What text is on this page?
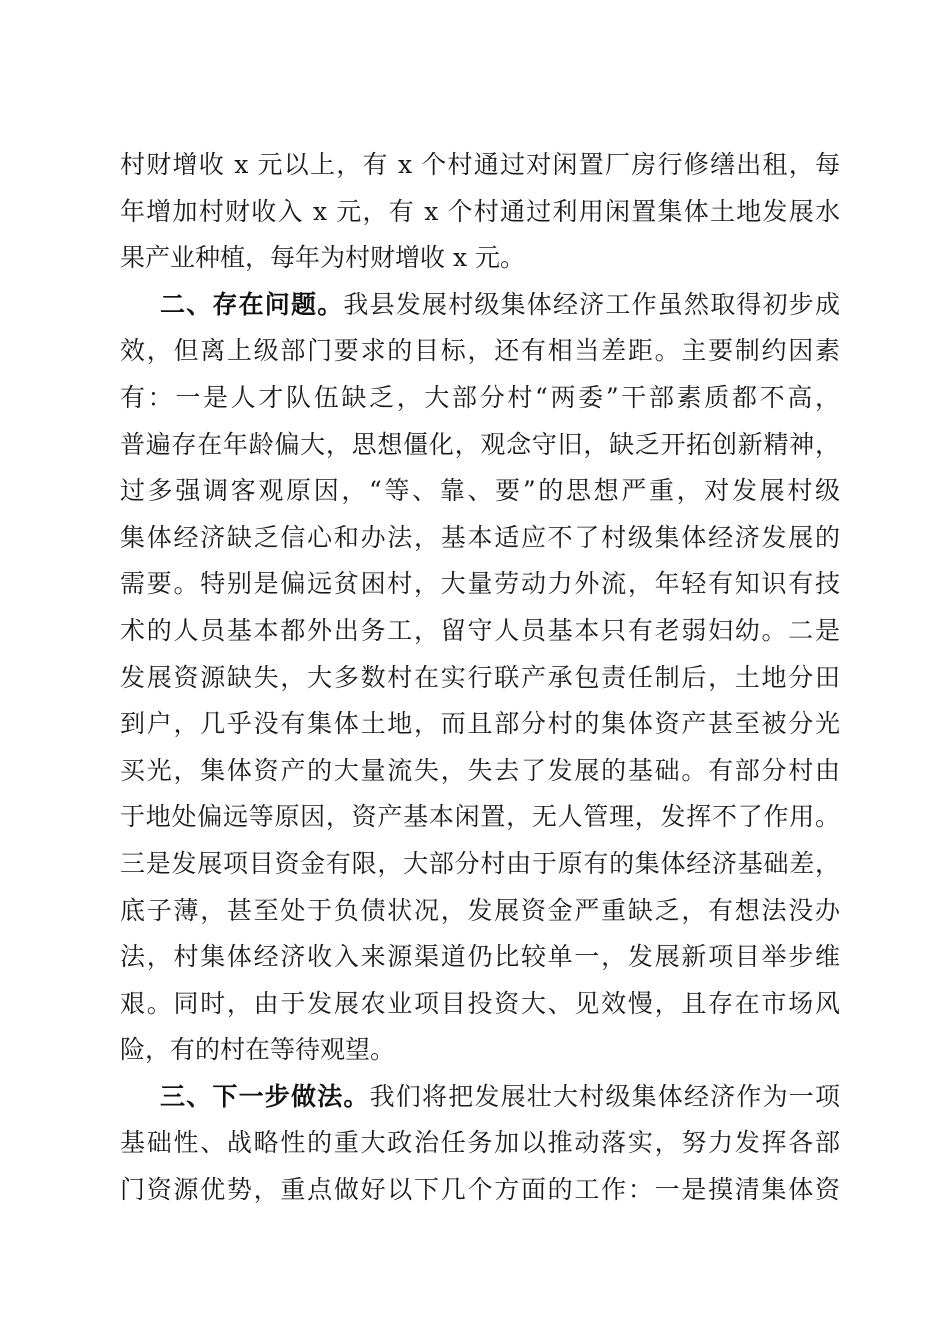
村财增收 x 元以上，有 x 个村通过对闲置厂房行修缮出租，每
年增加村财收入 x 元，有 x 个村通过利用闲置集体土地发展水
果产业种植，每年为村财增收 x 元。
二、存在问题。我县发展村级集体经济工作虽然取得初步成
效，但离上级部门要求的目标，还有相当差距。主要制约因素
有：一是人才队伍缺乏，大部分村“两委”干部素质都不高，
普遍存在年龄偏大，思想僵化，观念守旧，缺乏开拓创新精神，
过多强调客观原因，“等、靠、要”的思想严重，对发展村级
集体经济缺乏信心和办法，基本适应不了村级集体经济发展的
需要。特别是偏远贫困村，大量劳动力外流，年轻有知识有技
术的人员基本都外出务工，留守人员基本只有老弱妇幼。二是
发展资源缺失，大多数村在实行联产承包责任制后，土地分田
到户，几乎没有集体土地，而且部分村的集体资产甚至被分光
买光，集体资产的大量流失，失去了发展的基础。有部分村由
于地处偏远等原因，资产基本闲置，无人管理，发挥不了作用。
三是发展项目资金有限，大部分村由于原有的集体经济基础差，
底子薄，甚至处于负债状况，发展资金严重缺乏，有想法没办
法，村集体经济收入来源渠道仍比较单一，发展新项目举步维
艰。同时，由于发展农业项目投资大、见效慢，且存在市场风
险，有的村在等待观望。
三、下一步做法。我们将把发展壮大村级集体经济作为一项
基础性、战略性的重大政治任务加以推动落实，努力发挥各部
门资源优势，重点做好以下几个方面的工作：一是摸清集体资
